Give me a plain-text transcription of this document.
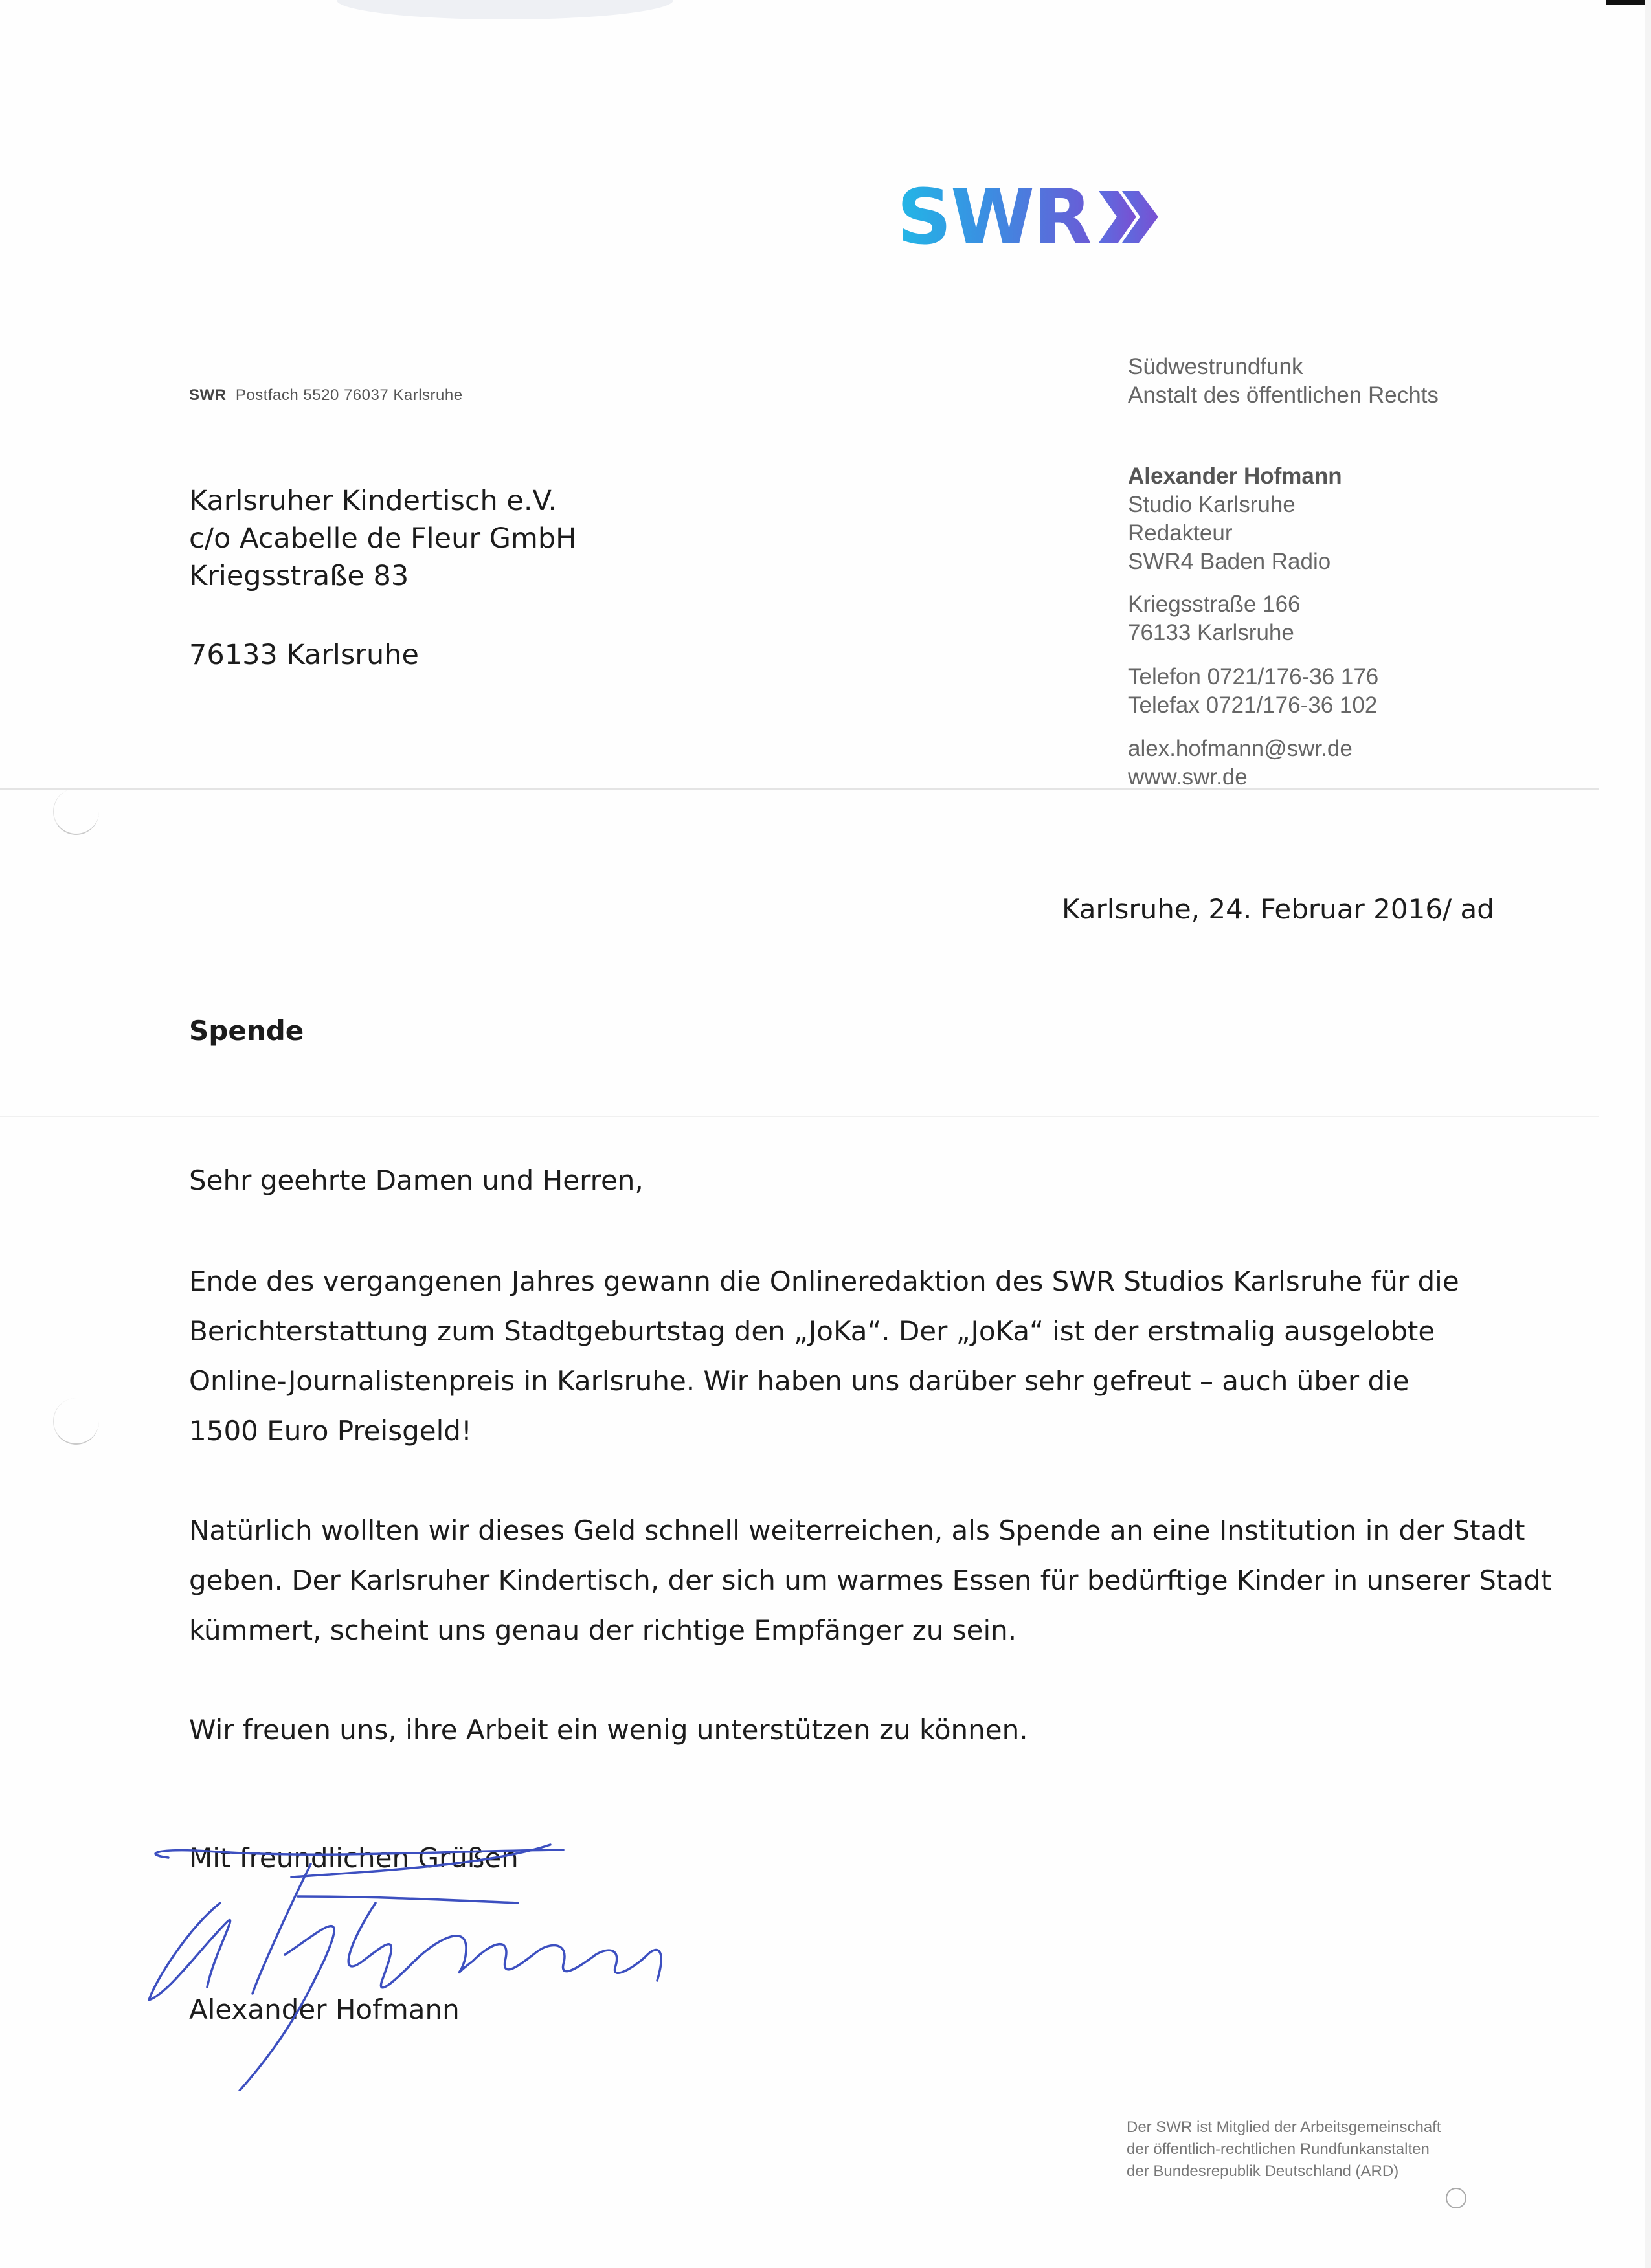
SWR
SWR Postfach 5520 76037 Karlsruhe
Karlsruher Kindertisch e.V.
c/o Acabelle de Fleur GmbH
Kriegsstraße 83
76133 Karlsruhe
Südwestrundfunk
Anstalt des öffentlichen Rechts
Alexander Hofmann
Studio Karlsruhe
Redakteur
SWR4 Baden Radio
Kriegsstraße 166
76133 Karlsruhe
Telefon 0721/176-36 176
Telefax 0721/176-36 102
alex.hofmann@swr.de
www.swr.de
Karlsruhe, 24. Februar 2016/ ad
Spende
Sehr geehrte Damen und Herren,
Ende des vergangenen Jahres gewann die Onlineredaktion des SWR Studios Karlsruhe für die
Berichterstattung zum Stadtgeburtstag den „JoKa“. Der „JoKa“ ist der erstmalig ausgelobte
Online-Journalistenpreis in Karlsruhe. Wir haben uns darüber sehr gefreut – auch über die
1500 Euro Preisgeld!
Natürlich wollten wir dieses Geld schnell weiterreichen, als Spende an eine Institution in der Stadt
geben. Der Karlsruher Kindertisch, der sich um warmes Essen für bedürftige Kinder in unserer Stadt
kümmert, scheint uns genau der richtige Empfänger zu sein.
Wir freuen uns, ihre Arbeit ein wenig unterstützen zu können.
Mit freundlichen Grüßen
Alexander Hofmann
Der SWR ist Mitglied der Arbeitsgemeinschaft
der öffentlich-rechtlichen Rundfunkanstalten
der Bundesrepublik Deutschland (ARD)
